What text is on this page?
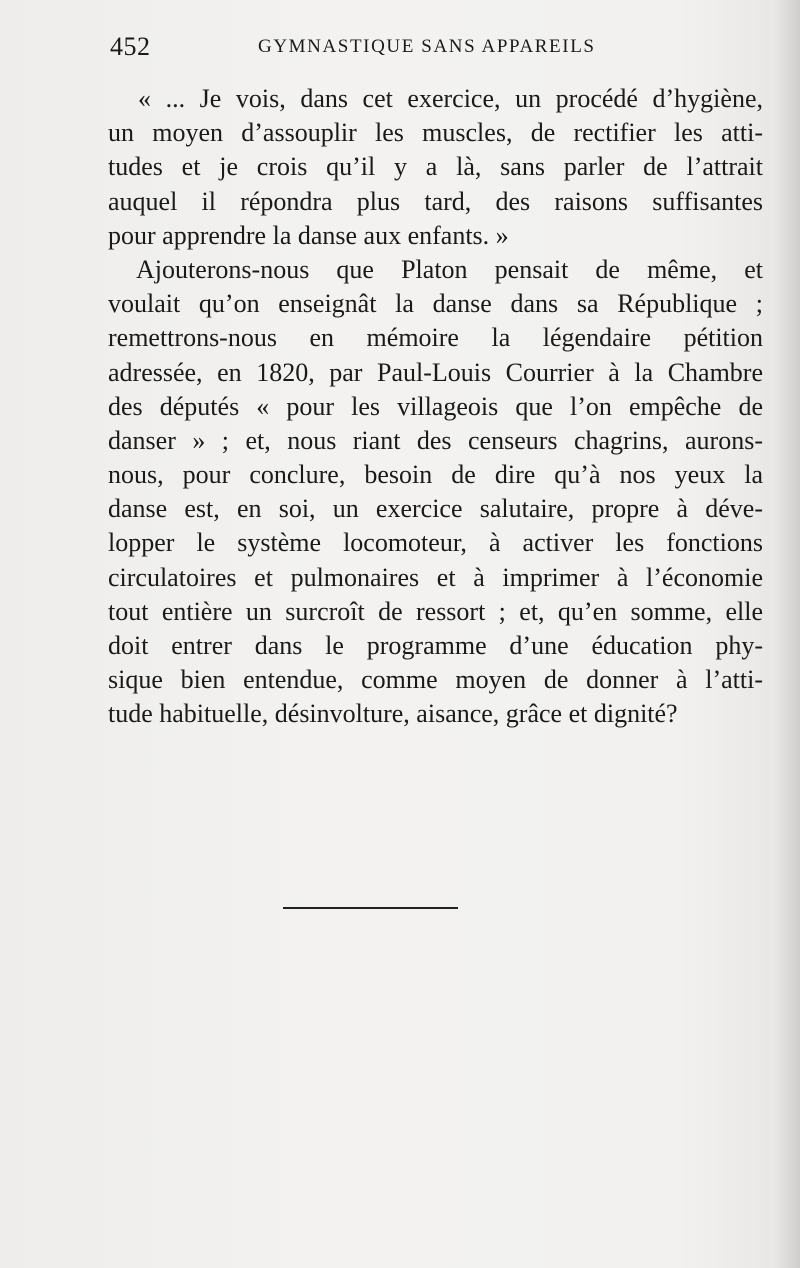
452	GYMNASTIQUE SANS APPAREILS
« ... Je vois, dans cet exercice, un procédé d’hygiène,
un moyen d’assouplir les muscles, de rectifier les atti-
tudes et je crois qu’il y a là, sans parler de l’attrait
auquel il répondra plus tard, des raisons suffisantes
pour apprendre la danse aux enfants. »
Ajouterons-nous que Platon pensait de même, et
voulait qu’on enseignât la danse dans sa République ;
remettrons-nous en mémoire la légendaire pétition
adressée, en 1820, par Paul-Louis Courrier à la Chambre
des députés « pour les villageois que l’on empêche de
danser » ; et, nous riant des censeurs chagrins, aurons-
nous, pour conclure, besoin de dire qu’à nos yeux la
danse est, en soi, un exercice salutaire, propre à déve-
lopper le système locomoteur, à activer les fonctions
circulatoires et pulmonaires et à imprimer à l’économie
tout entière un surcroît de ressort ; et, qu’en somme, elle
doit entrer dans le programme d’une éducation phy-
sique bien entendue, comme moyen de donner à l’atti-
tude habituelle, désinvolture, aisance, grâce et dignité?
